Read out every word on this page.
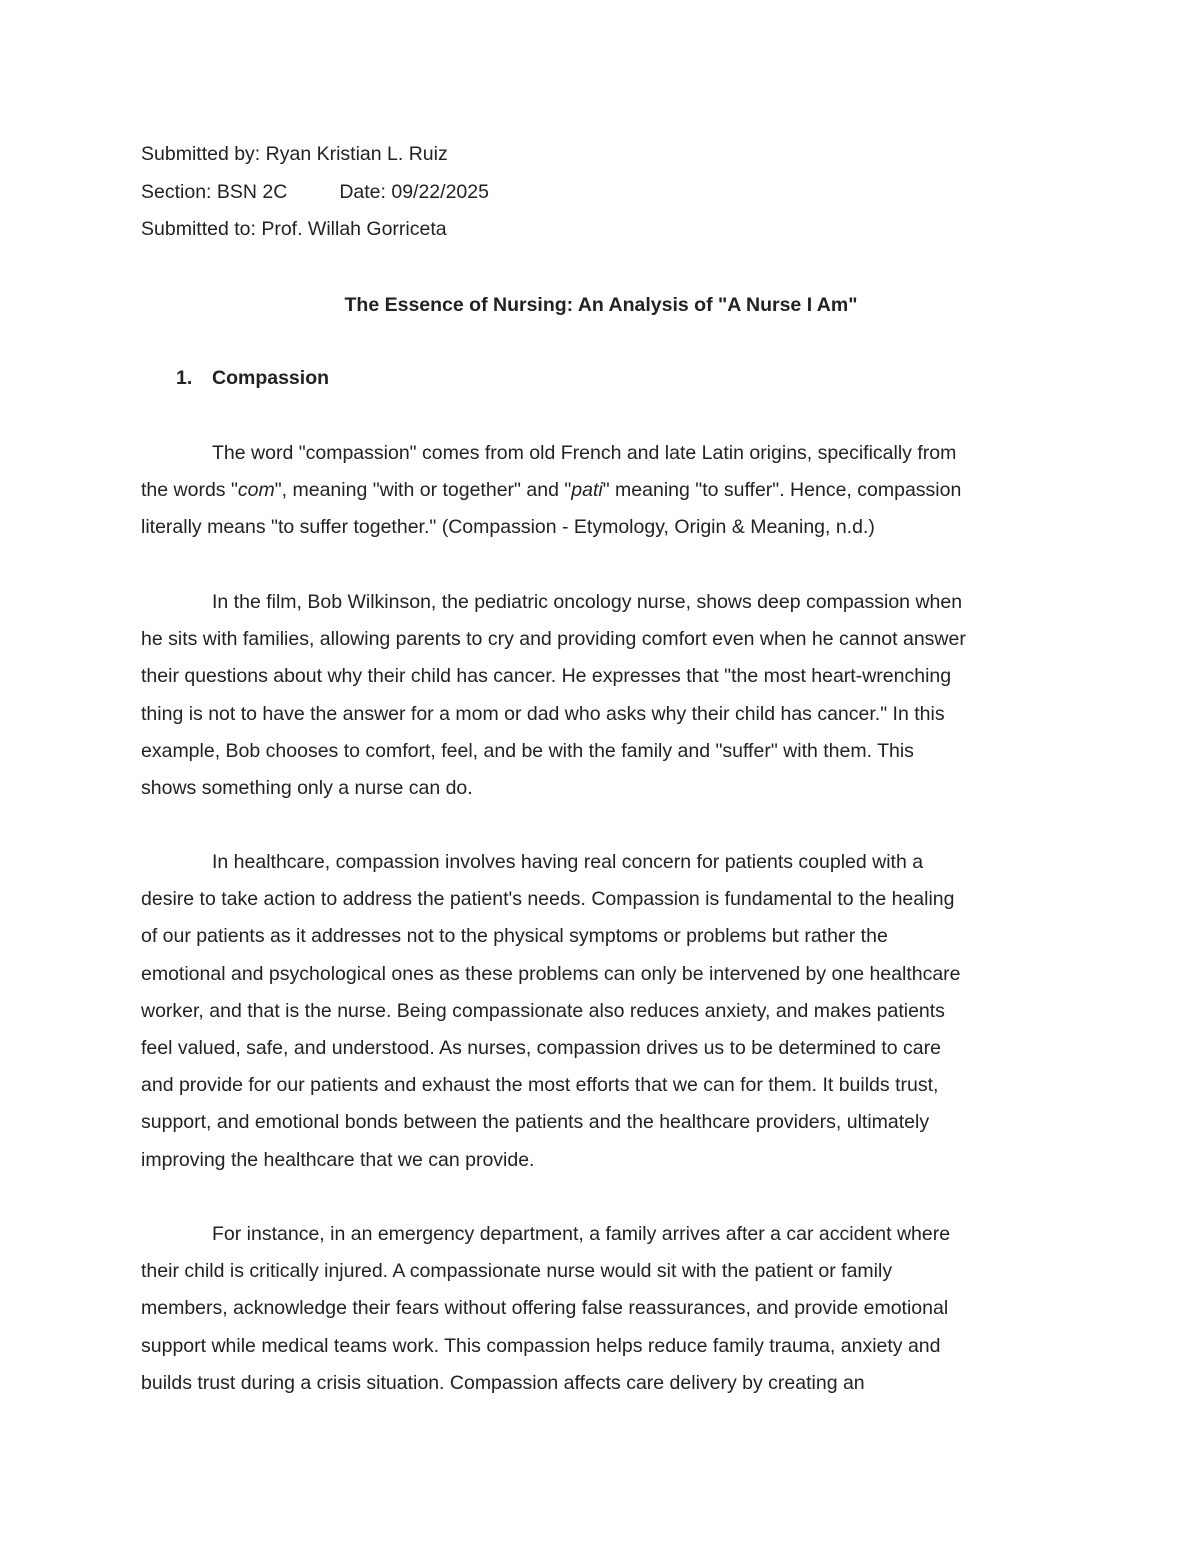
Submitted by: Ryan Kristian L. Ruiz
Section: BSN 2C	Date: 09/22/2025
Submitted to: Prof. Willah Gorriceta
The Essence of Nursing: An Analysis of "A Nurse I Am"
1. Compassion
The word "compassion" comes from old French and late Latin origins, specifically from
the words "com", meaning "with or together" and "pati" meaning "to suffer". Hence, compassion
literally means "to suffer together." (Compassion - Etymology, Origin & Meaning, n.d.)
In the film, Bob Wilkinson, the pediatric oncology nurse, shows deep compassion when
he sits with families, allowing parents to cry and providing comfort even when he cannot answer
their questions about why their child has cancer. He expresses that "the most heart-wrenching
thing is not to have the answer for a mom or dad who asks why their child has cancer." In this
example, Bob chooses to comfort, feel, and be with the family and "suffer" with them. This
shows something only a nurse can do.
In healthcare, compassion involves having real concern for patients coupled with a
desire to take action to address the patient's needs. Compassion is fundamental to the healing
of our patients as it addresses not to the physical symptoms or problems but rather the
emotional and psychological ones as these problems can only be intervened by one healthcare
worker, and that is the nurse. Being compassionate also reduces anxiety, and makes patients
feel valued, safe, and understood. As nurses, compassion drives us to be determined to care
and provide for our patients and exhaust the most efforts that we can for them. It builds trust,
support, and emotional bonds between the patients and the healthcare providers, ultimately
improving the healthcare that we can provide.
For instance, in an emergency department, a family arrives after a car accident where
their child is critically injured. A compassionate nurse would sit with the patient or family
members, acknowledge their fears without offering false reassurances, and provide emotional
support while medical teams work. This compassion helps reduce family trauma, anxiety and
builds trust during a crisis situation. Compassion affects care delivery by creating an
